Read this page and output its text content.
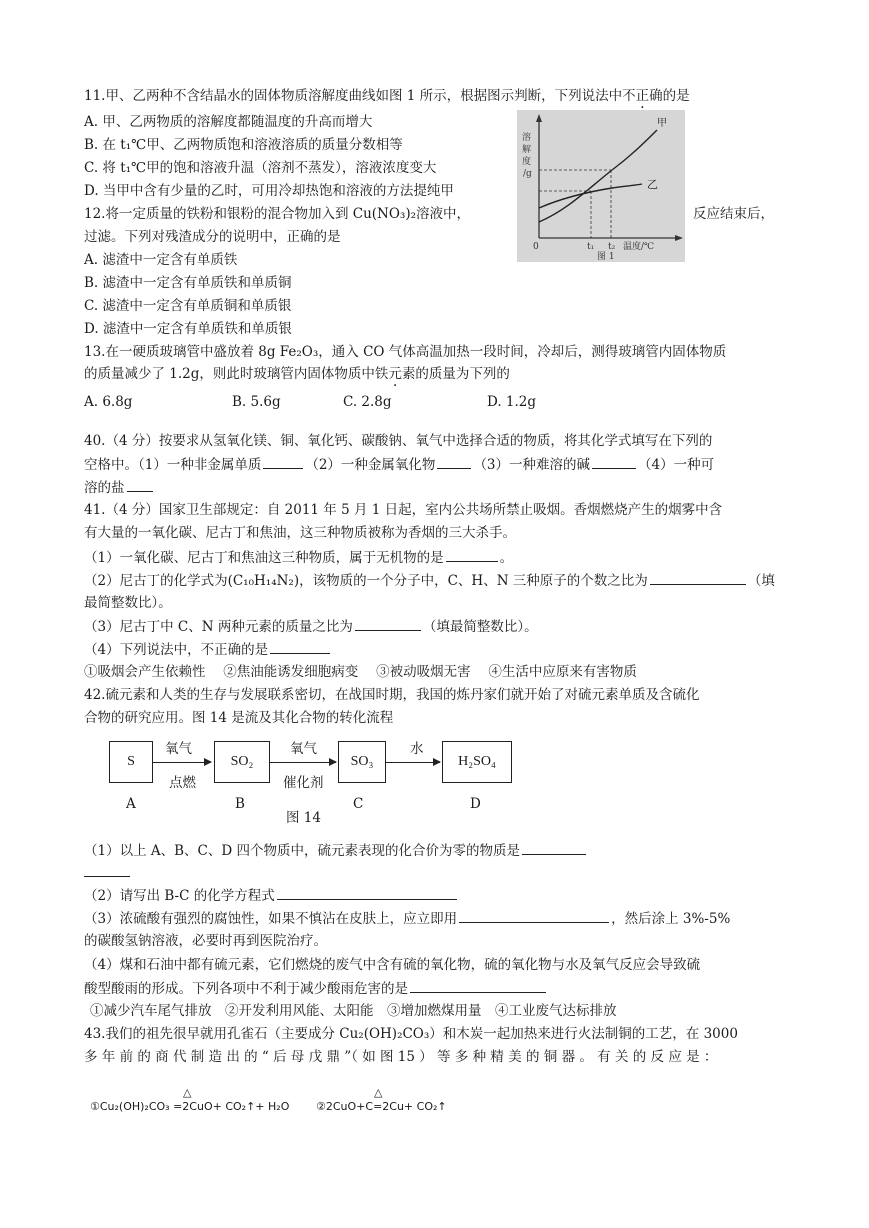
11.甲、乙两种不含结晶水的固体物质溶解度曲线如图 1 所示，根据图示判断，下列说法中不正确的是
A. 甲、乙两物质的溶解度都随温度的升高而增大
B. 在 t₁℃甲、乙两物质饱和溶液溶质的质量分数相等
C. 将 t₁℃甲的饱和溶液升温（溶剂不蒸发），溶液浓度变大
D. 当甲中含有少量的乙时，可用冷却热饱和溶液的方法提纯甲
溶
解
度
/g
甲
乙
0	t₁ t₂ 温度/℃
图 1
12.将一定质量的铁粉和银粉的混合物加入到 Cu(NO₃)₂溶液中，	反应结束后，
过滤。下列对残渣成分的说明中，正确的是
A. 滤渣中一定含有单质铁
B. 滤渣中一定含有单质铁和单质铜
C. 滤渣中一定含有单质铜和单质银
D. 滤渣中一定含有单质铁和单质银
13.在一硬质玻璃管中盛放着 8g Fe₂O₃，通入 CO 气体高温加热一段时间，冷却后，测得玻璃管内固体物质
的质量减少了 1.2g，则此时玻璃管内固体物质中铁元素的质量为下列的
A. 6.8g	B. 5.6g	C. 2.8g	D. 1.2g
40.（4 分）按要求从氢氧化镁、铜、氧化钙、碳酸钠、氧气中选择合适的物质，将其化学式填写在下列的
空格中。（1）一种非金属单质	（2）一种金属氧化物	（3）一种难溶的碱	（4）一种可
溶的盐
41.（4 分）国家卫生部规定：自 2011 年 5 月 1 日起，室内公共场所禁止吸烟。香烟燃烧产生的烟雾中含
有大量的一氧化碳、尼古丁和焦油，这三种物质被称为香烟的三大杀手。
（1）一氧化碳、尼古丁和焦油这三种物质，属于无机物的是	。
（2）尼古丁的化学式为(C₁₀H₁₄N₂)，该物质的一个分子中，C、H、N 三种原子的个数之比为	（填
最简整数比）。
（3）尼古丁中 C、N 两种元素的质量之比为	（填最简整数比）。
（4）下列说法中，不正确的是
①吸烟会产生依赖性　 ②焦油能诱发细胞病变　 ③被动吸烟无害　 ④生活中应原来有害物质
42.硫元素和人类的生存与发展联系密切，在战国时期，我国的炼丹家们就开始了对硫元素单质及含硫化
合物的研究应用。图 14 是流及其化合物的转化流程
S	SO₂	SO₃	H₂SO₄
氧气
点燃
氧气
催化剂
水
A	B	C	D
图 14
（1）以上 A、B、C、D 四个物质中，硫元素表现的化合价为零的物质是
（2）请写出 B-C 的化学方程式
（3）浓硫酸有强烈的腐蚀性，如果不慎沾在皮肤上，应立即用	，然后涂上 3%-5%
的碳酸氢钠溶液，必要时再到医院治疗。
（4）煤和石油中都有硫元素，它们燃烧的废气中含有硫的氧化物，硫的氧化物与水及氧气反应会导致硫
酸型酸雨的形成。下列各项中不利于减少酸雨危害的是
①减少汽车尾气排放　②开发利用风能、太阳能　③增加燃煤用量　④工业废气达标排放
43.我们的祖先很早就用孔雀石（主要成分 Cu₂(OH)₂CO₃）和木炭一起加热来进行火法制铜的工艺，在 3000
多 年 前 的 商 代 制 造 出 的 “ 后 母 戊 鼎 ”（ 如 图 15 ） 等 多 种 精 美 的 铜 器 。 有 关 的 反 应 是 ：
△
①Cu₂(OH)₂CO₃ =2CuO+ CO₂↑+ H₂O
△
②2CuO+C=2Cu+ CO₂↑
